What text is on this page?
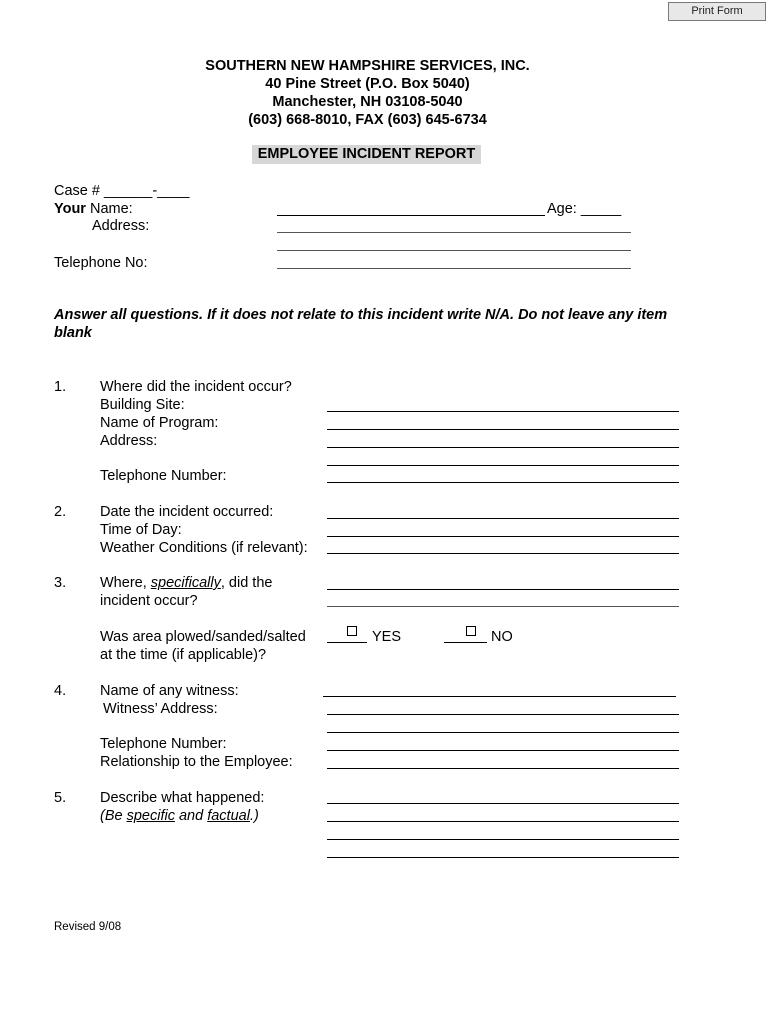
Print Form
SOUTHERN NEW HAMPSHIRE SERVICES, INC.
40 Pine Street (P.O. Box 5040)
Manchester, NH 03108-5040
(603) 668-8010, FAX (603) 645-6734
EMPLOYEE INCIDENT REPORT
Case # ______-____
Your Name:	Age: _____
Address:
Telephone No:
Answer all questions. If it does not relate to this incident write N/A. Do not leave any item blank
1. Where did the incident occur?
Building Site:
Name of Program:
Address:
Telephone Number:
2. Date the incident occurred:
Time of Day:
Weather Conditions (if relevant):
3. Where, specifically, did the
incident occur?
Was area plowed/sanded/salted
at the time (if applicable)?
YES	NO
4. Name of any witness:
Witness’ Address:
Telephone Number:
Relationship to the Employee:
5. Describe what happened:
(Be specific and factual.)
Revised 9/08
